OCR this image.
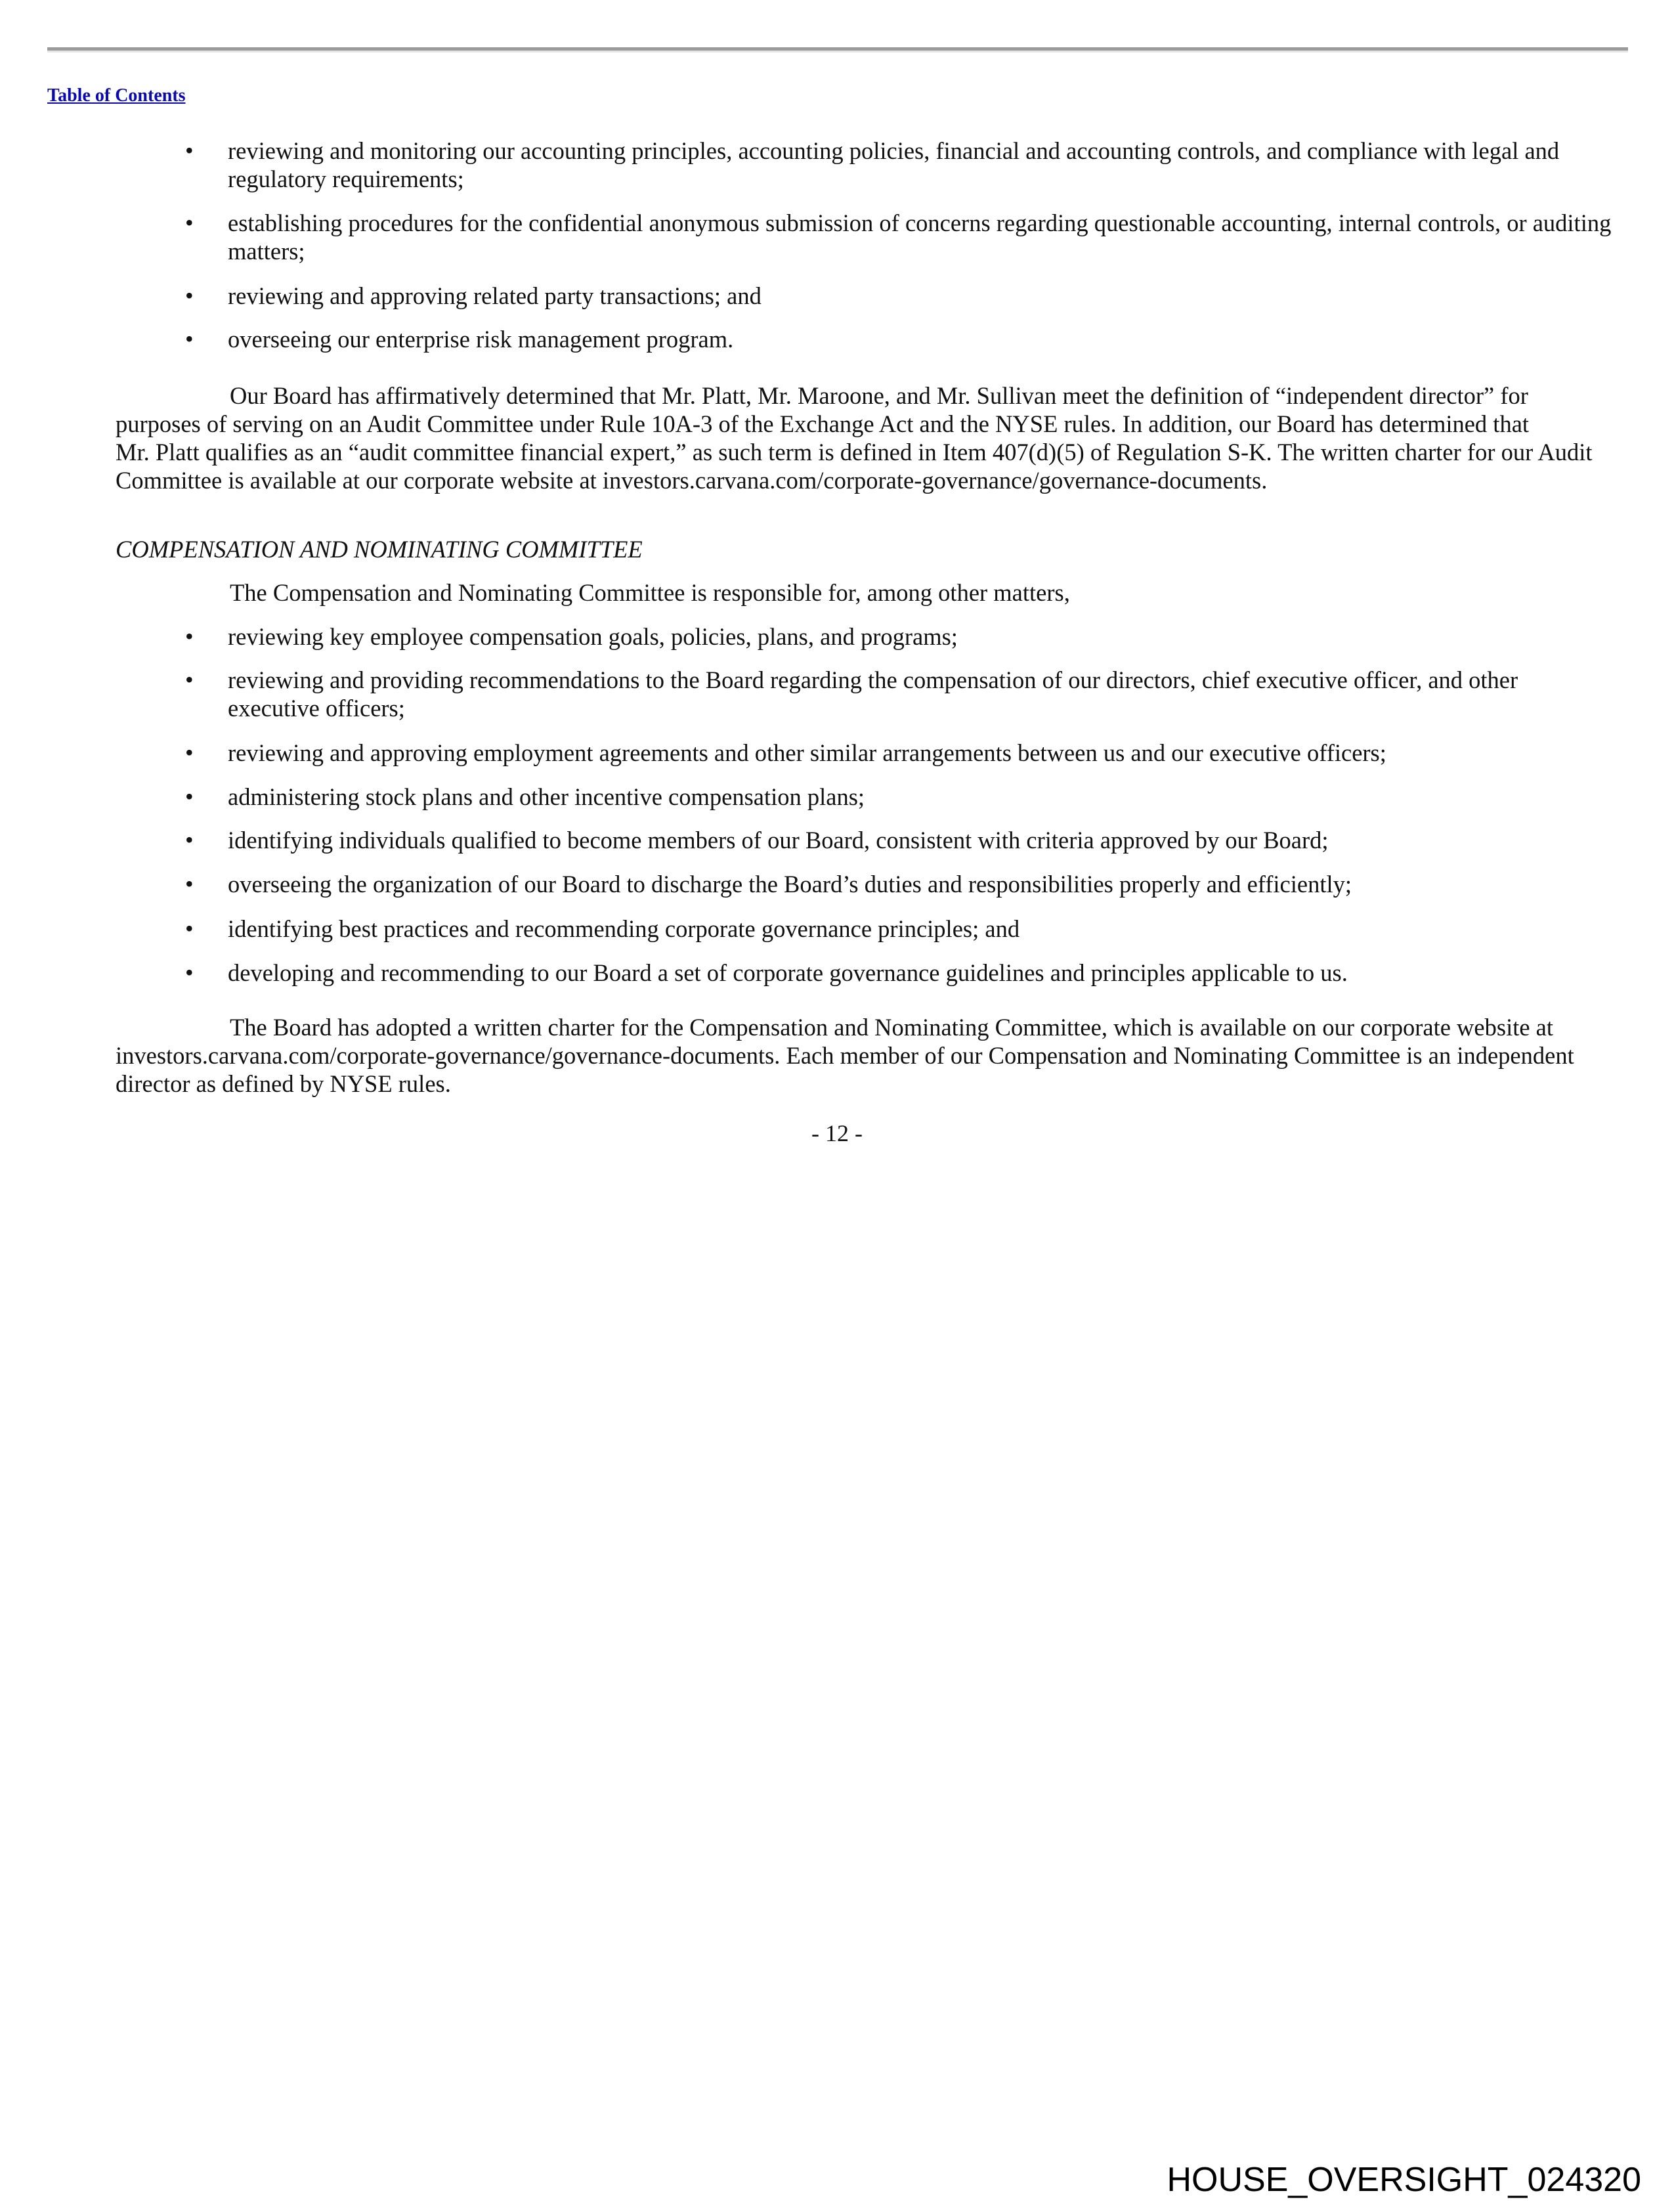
Table of Contents
• reviewing and monitoring our accounting principles, accounting policies, financial and accounting controls, and compliance with legal and
regulatory requirements;
• establishing procedures for the confidential anonymous submission of concerns regarding questionable accounting, internal controls, or auditing
matters;
• reviewing and approving related party transactions; and
• overseeing our enterprise risk management program.
Our Board has affirmatively determined that Mr. Platt, Mr. Maroone, and Mr. Sullivan meet the definition of “independent director” for
purposes of serving on an Audit Committee under Rule 10A-3 of the Exchange Act and the NYSE rules. In addition, our Board has determined that
Mr. Platt qualifies as an “audit committee financial expert,” as such term is defined in Item 407(d)(5) of Regulation S-K. The written charter for our Audit
Committee is available at our corporate website at investors.carvana.com/corporate-governance/governance-documents.
COMPENSATION AND NOMINATING COMMITTEE
The Compensation and Nominating Committee is responsible for, among other matters,
• reviewing key employee compensation goals, policies, plans, and programs;
• reviewing and providing recommendations to the Board regarding the compensation of our directors, chief executive officer, and other
executive officers;
• reviewing and approving employment agreements and other similar arrangements between us and our executive officers;
• administering stock plans and other incentive compensation plans;
• identifying individuals qualified to become members of our Board, consistent with criteria approved by our Board;
• overseeing the organization of our Board to discharge the Board’s duties and responsibilities properly and efficiently;
• identifying best practices and recommending corporate governance principles; and
• developing and recommending to our Board a set of corporate governance guidelines and principles applicable to us.
The Board has adopted a written charter for the Compensation and Nominating Committee, which is available on our corporate website at
investors.carvana.com/corporate-governance/governance-documents. Each member of our Compensation and Nominating Committee is an independent
director as defined by NYSE rules.
- 12 -
HOUSE_OVERSIGHT_024320
